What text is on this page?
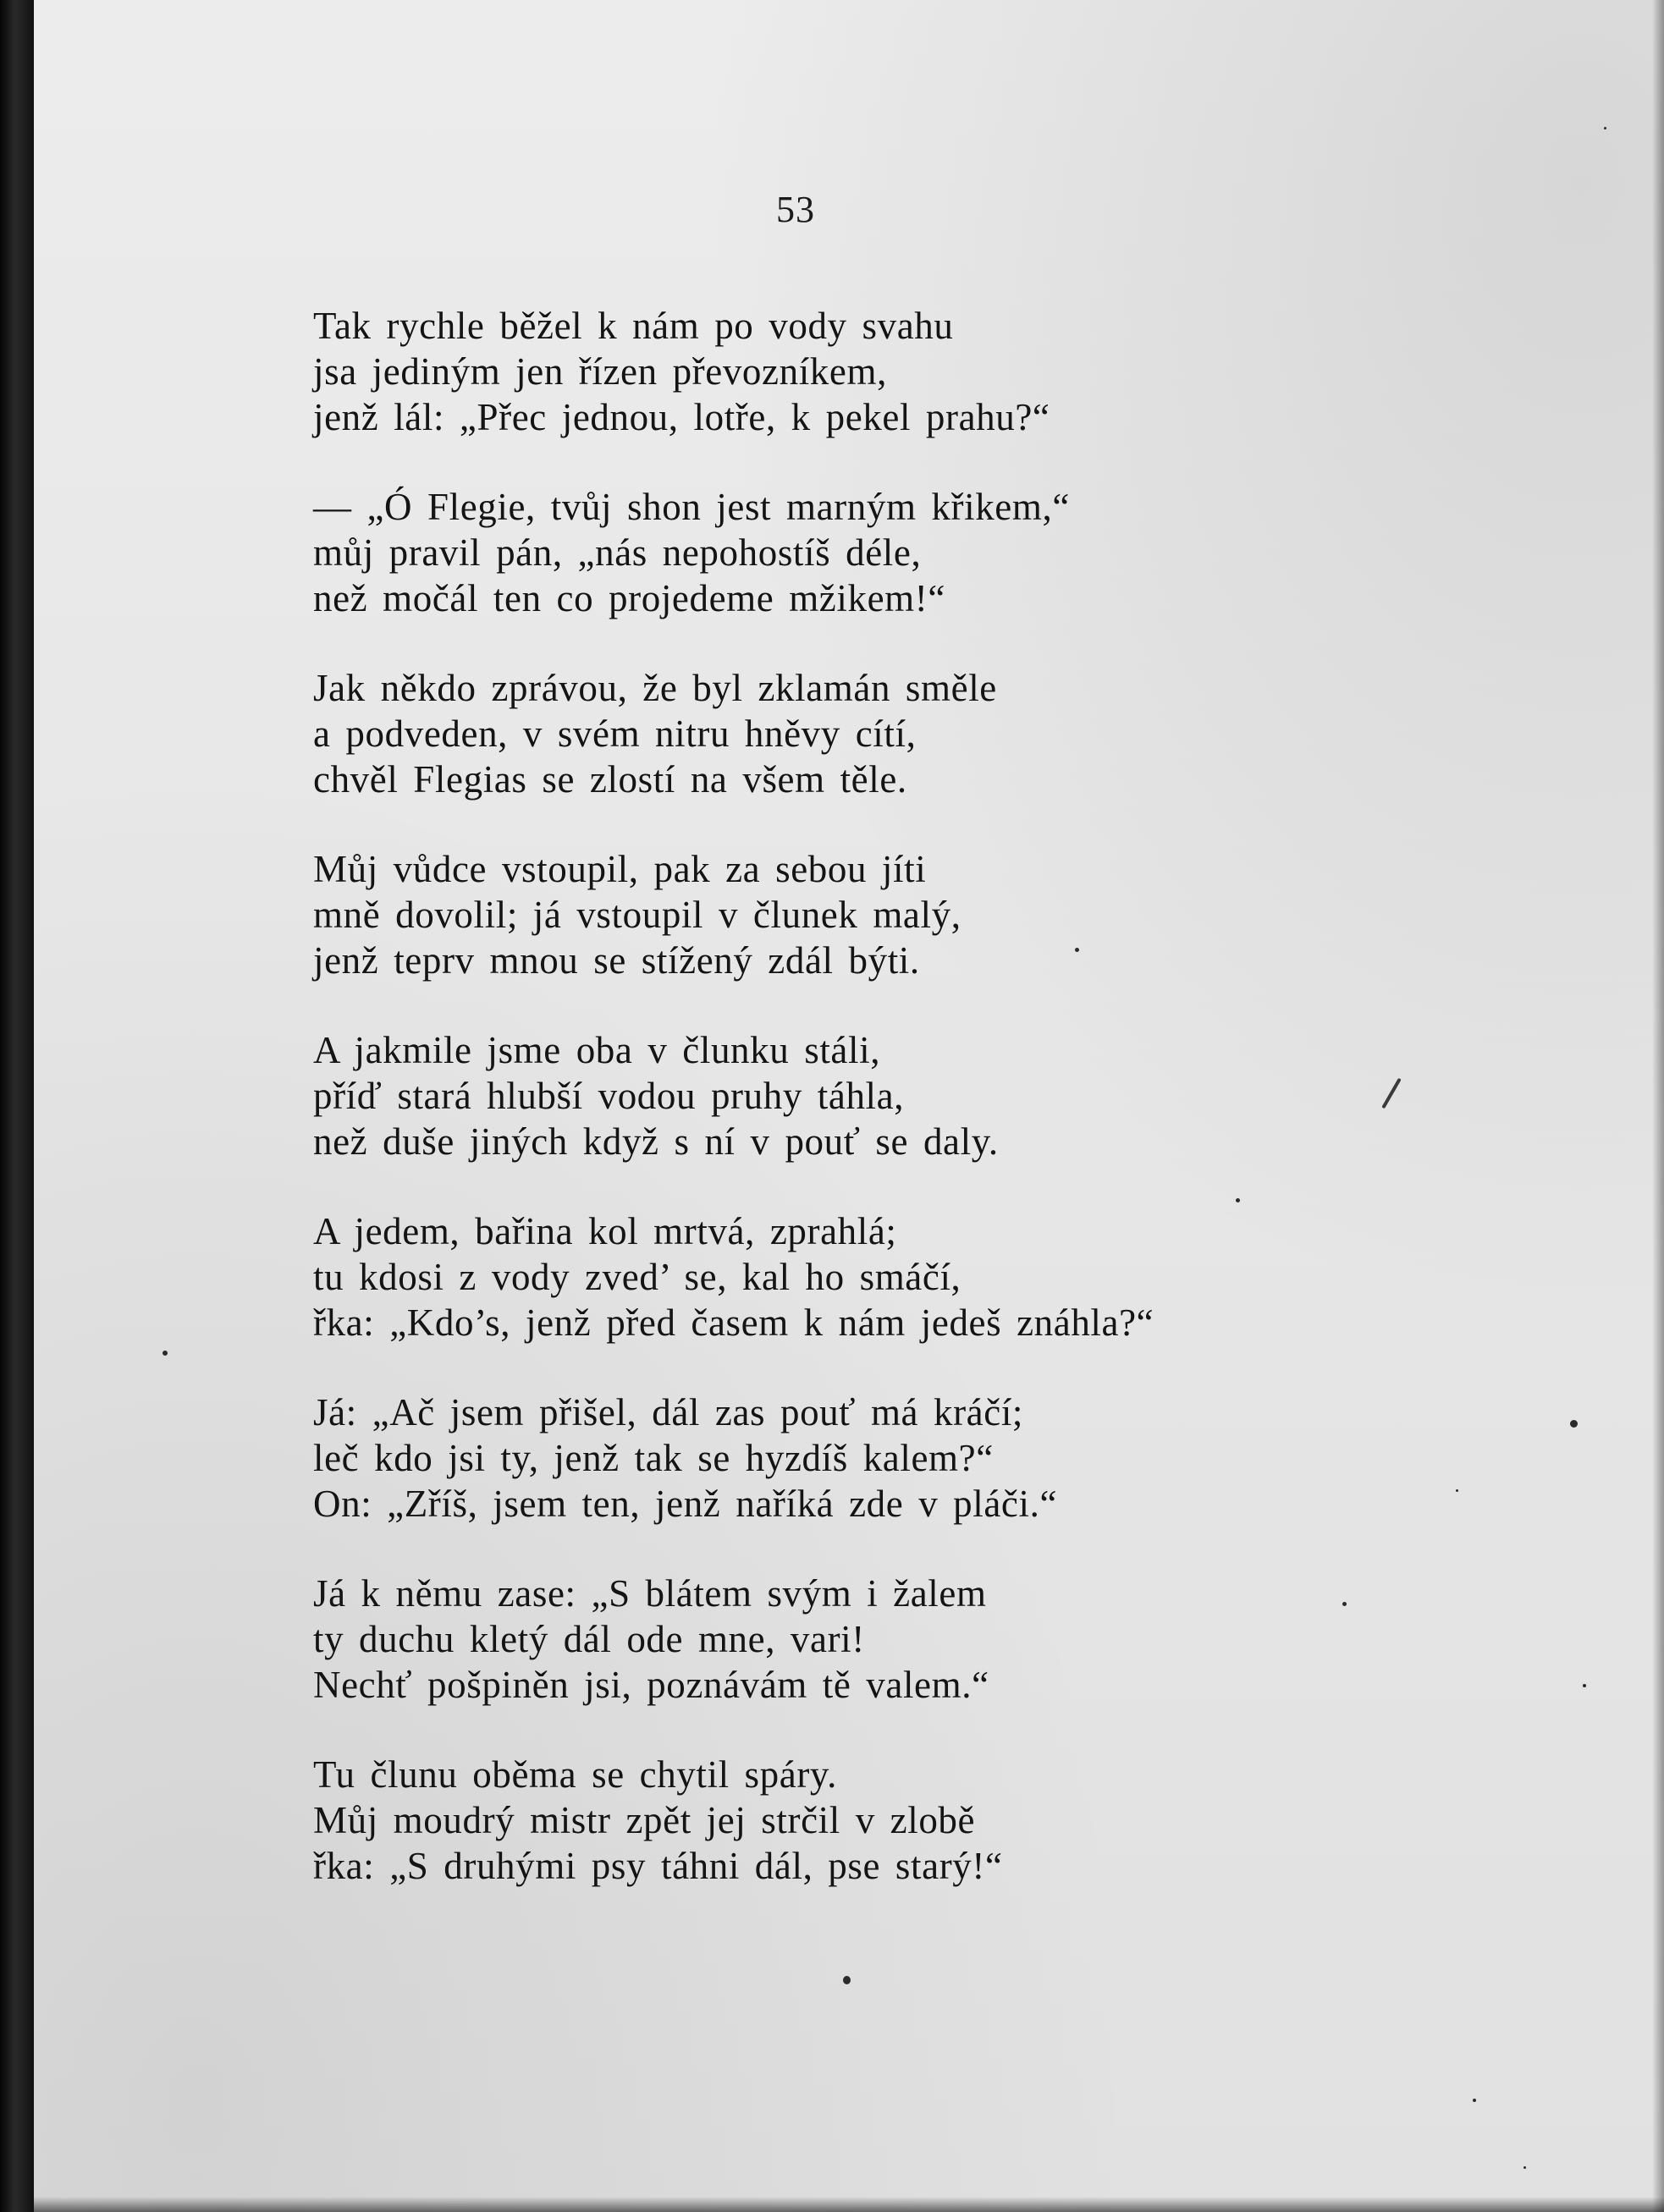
53
Tak rychle běžel k nám po vody svahu
jsa jediným jen řízen převozníkem,
jenž lál: „Přec jednou, lotře, k pekel prahu?“
— „Ó Flegie, tvůj shon jest marným křikem,“
můj pravil pán, „nás nepohostíš déle,
než močál ten co projedeme mžikem!“
Jak někdo zprávou, že byl zklamán směle
a podveden, v svém nitru hněvy cítí,
chvěl Flegias se zlostí na všem těle.
Můj vůdce vstoupil, pak za sebou jíti
mně dovolil; já vstoupil v člunek malý,
jenž teprv mnou se stížený zdál býti.
A jakmile jsme oba v člunku stáli,
příď stará hlubší vodou pruhy táhla,
než duše jiných když s ní v pouť se daly.
A jedem, bařina kol mrtvá, zprahlá;
tu kdosi z vody zved’ se, kal ho smáčí,
řka: „Kdo’s, jenž před časem k nám jedeš znáhla?“
Já: „Ač jsem přišel, dál zas pouť má kráčí;
leč kdo jsi ty, jenž tak se hyzdíš kalem?“
On: „Zříš, jsem ten, jenž naříká zde v pláči.“
Já k němu zase: „S blátem svým i žalem
ty duchu kletý dál ode mne, vari!
Nechť pošpiněn jsi, poznávám tě valem.“
Tu člunu oběma se chytil spáry.
Můj moudrý mistr zpět jej strčil v zlobě
řka: „S druhými psy táhni dál, pse starý!“
